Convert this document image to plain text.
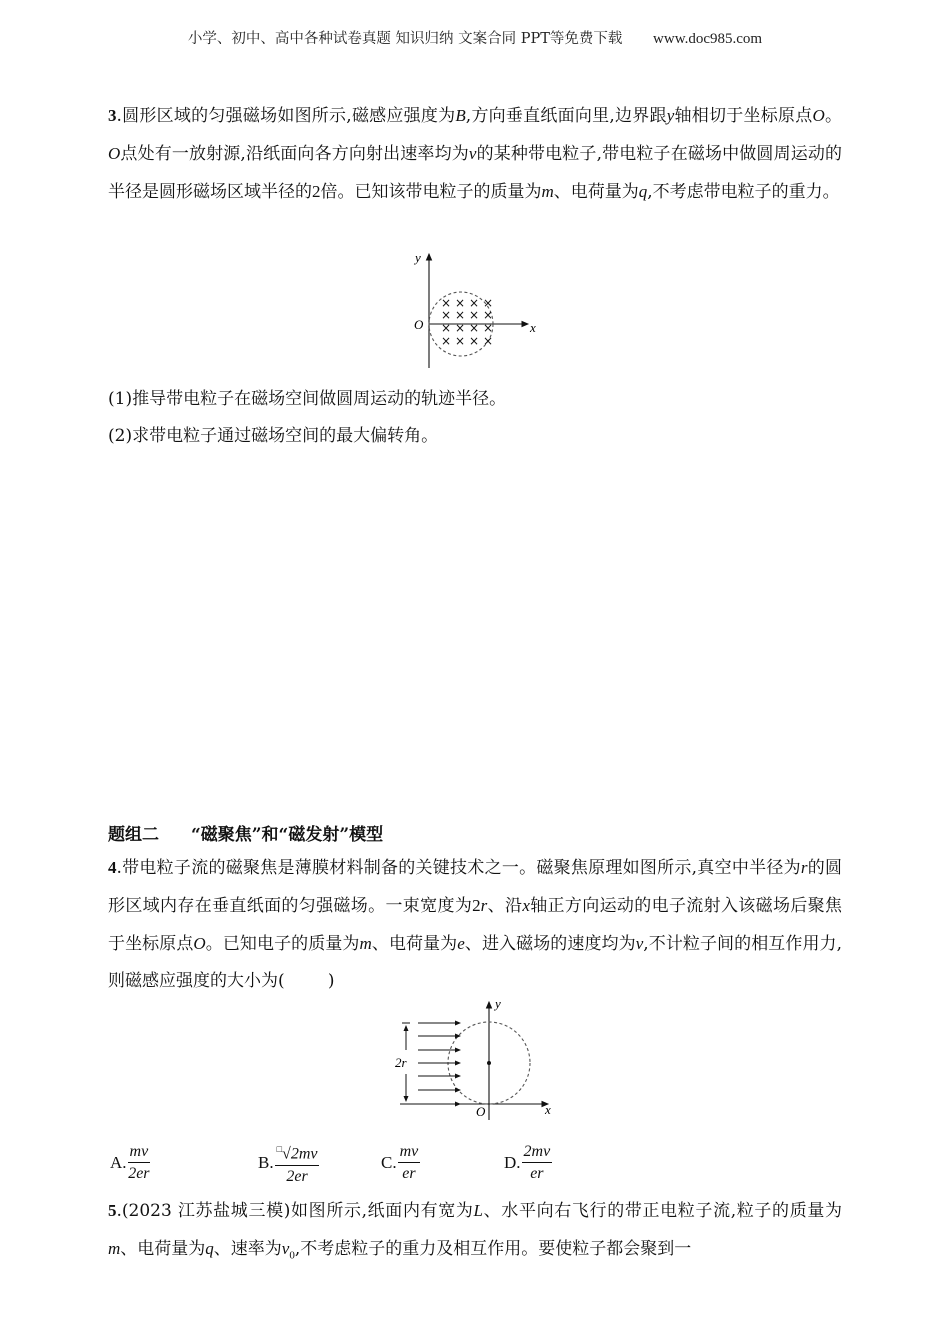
小学、初中、高中各种试卷真题 知识归纳 文案合同 PPT等免费下载 www.doc985.com

3.圆形区域的匀强磁场如图所示,磁感应强度为B,方向垂直纸面向里,边界跟y轴相切于坐标原点O。O点处有一放射源,沿纸面向各方向射出速率均为v的某种带电粒子,带电粒子在磁场中做圆周运动的半径是圆形磁场区域半径的2倍。已知该带电粒子的质量为m、电荷量为q,不考虑带电粒子的重力。

y
x
O
× × × ×
× × × ×
× × × ×
× × × ×

(1)推导带电粒子在磁场空间做圆周运动的轨迹半径。

(2)求带电粒子通过磁场空间的最大偏转角。

题组二 “磁聚焦”和“磁发射”模型

4.带电粒子流的磁聚焦是薄膜材料制备的关键技术之一。磁聚焦原理如图所示,真空中半径为r的圆形区域内存在垂直纸面的匀强磁场。一束宽度为2r、沿x轴正方向运动的电子流射入该磁场后聚焦于坐标原点O。已知电子的质量为m、电荷量为e、进入磁场的速度均为v,不计粒子间的相互作用力,则磁感应强度的大小为(        )

2r
y
x
O
A. $\frac{mv}{2er}$	B. $\frac{^□√2mv}{2er}$	C. $\frac{mv}{er}$	D. $\frac{2mv}{er}$

5.(2023 江苏盐城三模)如图所示,纸面内有宽为L、水平向右飞行的带正电粒子流,粒子的质量为m、电荷量为q、速率为$v_0$,不考虑粒子的重力及相互作用。要使粒子都会聚到一
